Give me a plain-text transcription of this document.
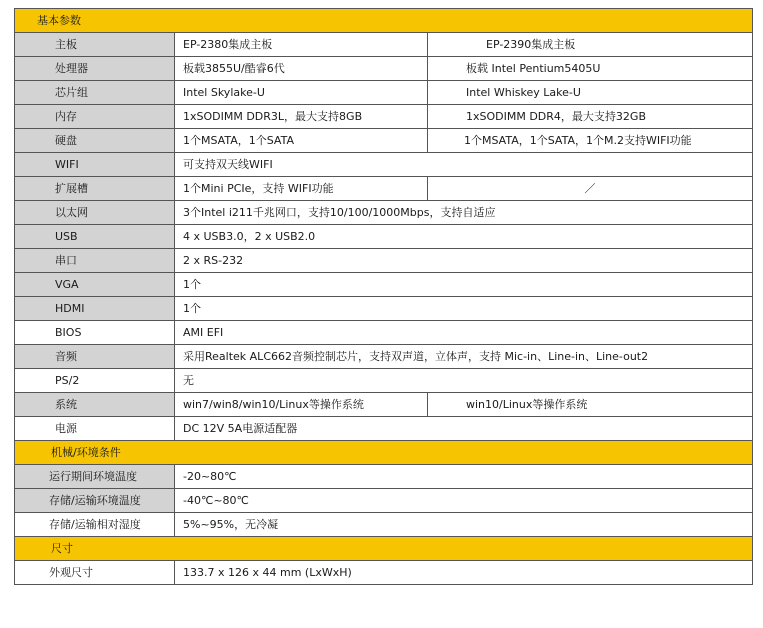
基本参数		
主板	EP-2380集成主板	EP-2390集成主板
处理器	板载3855U/酷睿6代	板载 Intel Pentium5405U
芯片组	Intel Skylake-U	Intel Whiskey Lake-U
内存	1xSODIMM DDR3L，最大支持8GB	1xSODIMM DDR4，最大支持32GB
硬盘	1个MSATA，1个SATA	1个MSATA，1个SATA，1个M.2支持WIFI功能
WIFI	可支持双天线WIFI	
扩展槽	1个Mini PCIe，支持 WIFI功能	／
以太网	3个Intel i211千兆网口，支持10/100/1000Mbps，支持自适应	
USB	4 x USB3.0，2 x USB2.0	
串口	2 x RS-232	
VGA	1个	
HDMI	1个	
BIOS	AMI EFI	
音频	采用Realtek ALC662音频控制芯片，支持双声道，立体声，支持 Mic-in、Line-in、Line-out2	
PS/2	无	
系统	win7/win8/win10/Linux等操作系统	win10/Linux等操作系统
电源	DC 12V 5A电源适配器	
机械/环境条件		
运行期间环境温度	-20~80℃	
存储/运输环境温度	-40℃~80℃	
存储/运输相对湿度	5%~95%，无冷凝	
尺寸		
外观尺寸	133.7 x 126 x 44 mm (LxWxH)	
